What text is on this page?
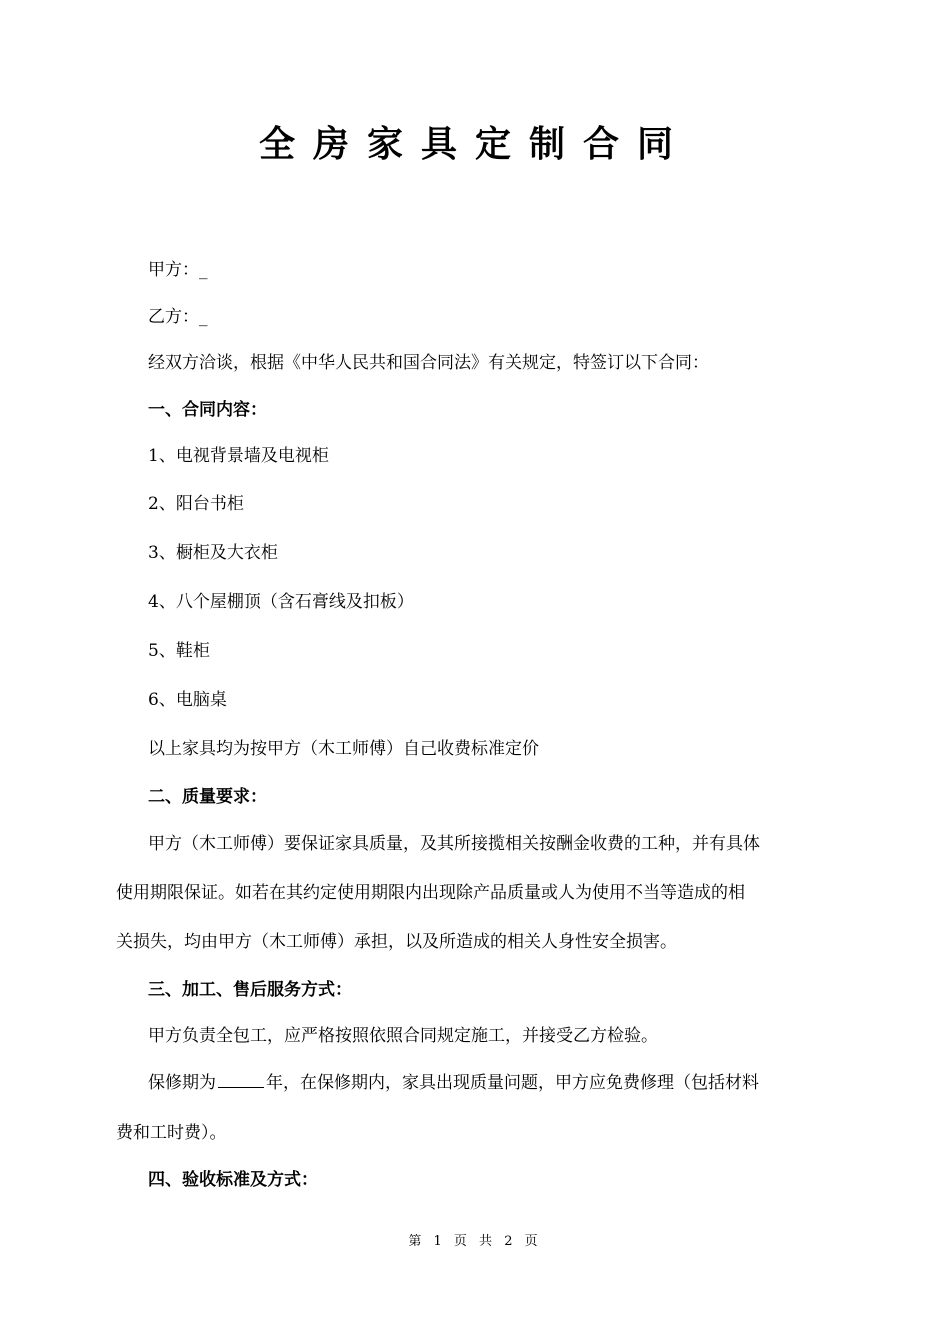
全房家具定制合同
甲方：_
乙方：_
经双方洽谈，根据《中华人民共和国合同法》有关规定，特签订以下合同：
一、合同内容：
1、电视背景墙及电视柜
2、阳台书柜
3、橱柜及大衣柜
4、八个屋棚顶（含石膏线及扣板）
5、鞋柜
6、电脑桌
以上家具均为按甲方（木工师傅）自己收费标准定价
二、质量要求：
甲方（木工师傅）要保证家具质量，及其所接揽相关按酬金收费的工种，并有具体
使用期限保证。如若在其约定使用期限内出现除产品质量或人为使用不当等造成的相
关损失，均由甲方（木工师傅）承担，以及所造成的相关人身性安全损害。
三、加工、售后服务方式：
甲方负责全包工，应严格按照依照合同规定施工，并接受乙方检验。
保修期为	年，在保修期内，家具出现质量问题，甲方应免费修理（包括材料
费和工时费）。
四、验收标准及方式：
第 1 页 共 2 页
